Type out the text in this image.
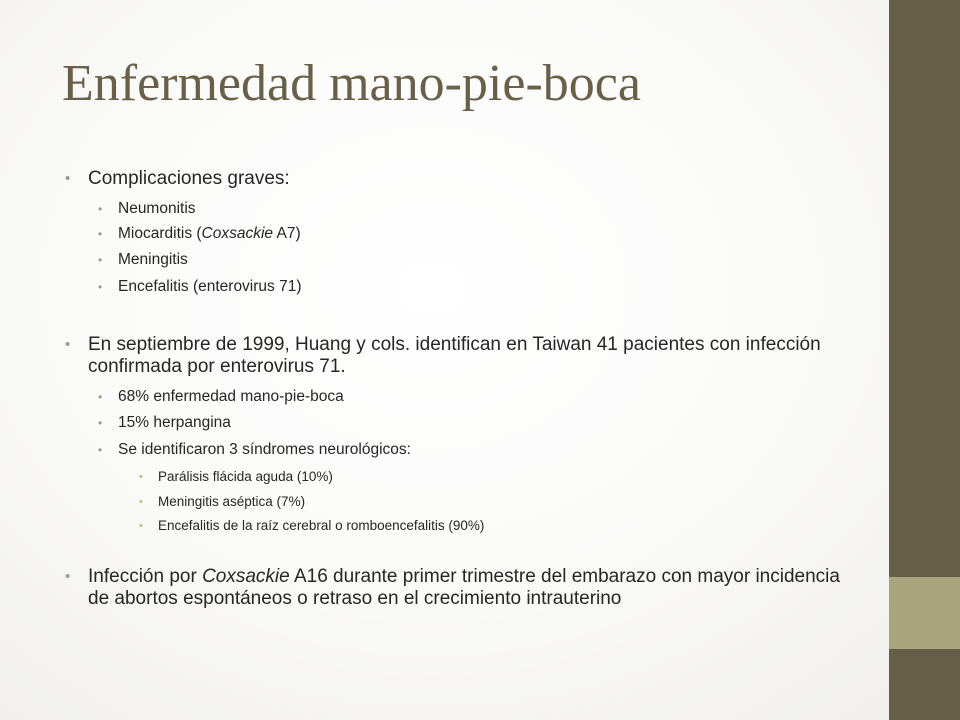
Enfermedad mano-pie-boca
• Complicaciones graves:
• Neumonitis
• Miocarditis (Coxsackie A7)
• Meningitis
• Encefalitis (enterovirus 71)
• En septiembre de 1999, Huang y cols. identifican en Taiwan 41 pacientes con infección confirmada por enterovirus 71.
• 68% enfermedad mano-pie-boca
• 15% herpangina
• Se identificaron 3 síndromes neurológicos:
• Parálisis flácida aguda (10%)
• Meningitis aséptica (7%)
• Encefalitis de la raíz cerebral o romboencefalitis (90%)
• Infección por Coxsackie A16 durante primer trimestre del embarazo con mayor incidencia de abortos espontáneos o retraso en el crecimiento intrauterino
